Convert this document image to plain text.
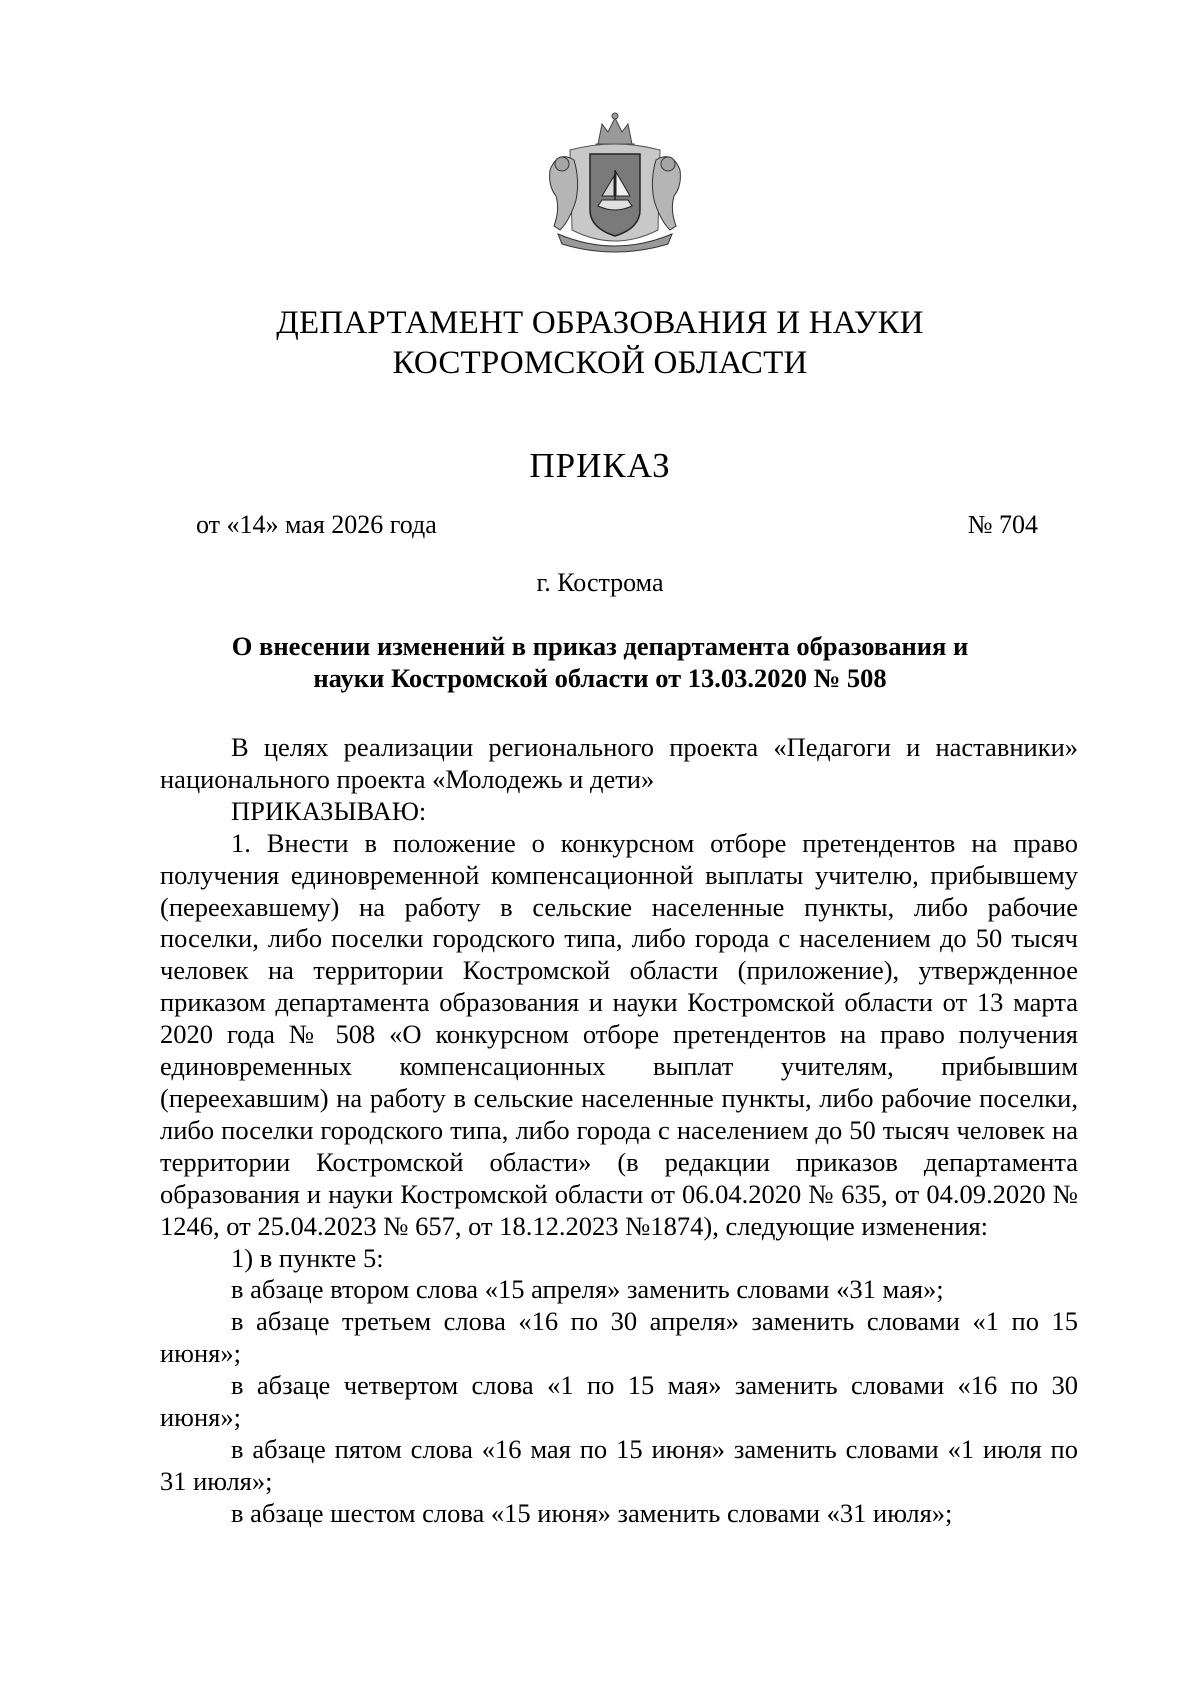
ДЕПАРТАМЕНТ ОБРАЗОВАНИЯ И НАУКИ
КОСТРОМСКОЙ ОБЛАСТИ
ПРИКАЗ
от «14» мая 2026 года	№ 704
г. Кострома
О внесении изменений в приказ департамента образования и
науки Костромской области от 13.03.2020 № 508

В целях реализации регионального проекта «Педагоги и наставники» национального проекта «Молодежь и дети»

ПРИКАЗЫВАЮ:

1. Внести в положение о конкурсном отборе претендентов на право получения единовременной компенсационной выплаты учителю, прибывшему (переехавшему) на работу в сельские населенные пункты, либо рабочие поселки, либо поселки городского типа, либо города с населением до 50 тысяч человек на территории Костромской области (приложение), утвержденное приказом департамента образования и науки Костромской области от 13 марта 2020 года № 508 «О конкурсном отборе претендентов на право получения единовременных компенсационных выплат учителям, прибывшим (переехавшим) на работу в сельские населенные пункты, либо рабочие поселки, либо поселки городского типа, либо города с населением до 50 тысяч человек на территории Костромской области» (в редакции приказов департамента образования и науки Костромской области от 06.04.2020 № 635, от 04.09.2020 № 1246, от 25.04.2023 № 657, от 18.12.2023 №1874), следующие изменения:

1) в пункте 5:

в абзаце втором слова «15 апреля» заменить словами «31 мая»;

в абзаце третьем слова «16 по 30 апреля» заменить словами «1 по 15 июня»;

в абзаце четвертом слова «1 по 15 мая» заменить словами «16 по 30 июня»;

в абзаце пятом слова «16 мая по 15 июня» заменить словами «1 июля по 31 июля»;

в абзаце шестом слова «15 июня» заменить словами «31 июля»;
